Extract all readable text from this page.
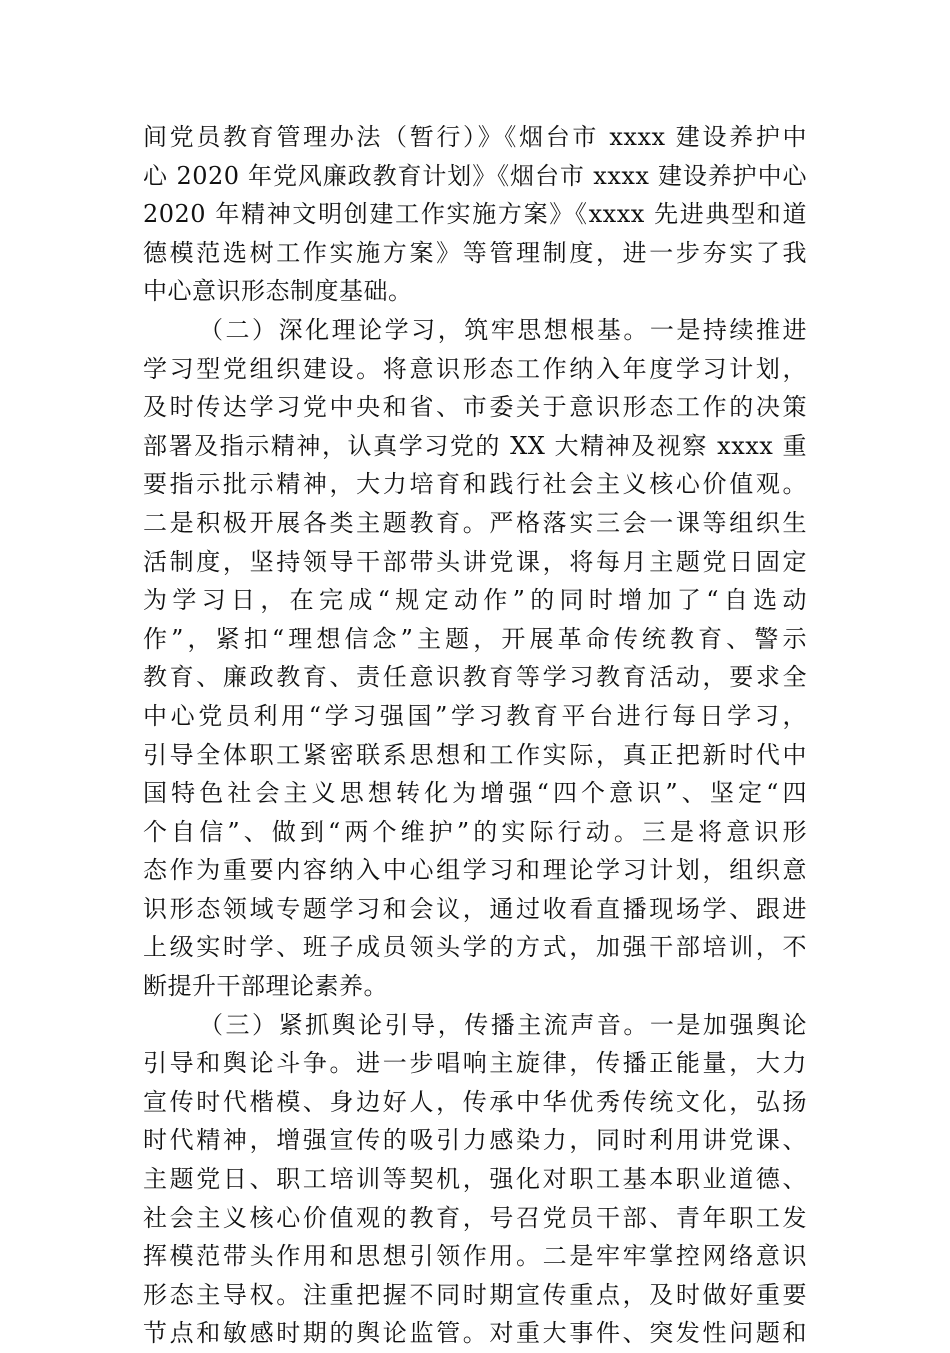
间党员教育管理办法（暂行）》《烟台市 xxxx 建设养护中
心 2020 年党风廉政教育计划》《烟台市 xxxx 建设养护中心
2020 年精神文明创建工作实施方案》《xxxx 先进典型和道
德模范选树工作实施方案》等管理制度，进一步夯实了我
中心意识形态制度基础。
（二）深化理论学习，筑牢思想根基。一是持续推进
学习型党组织建设。将意识形态工作纳入年度学习计划，
及时传达学习党中央和省、市委关于意识形态工作的决策
部署及指示精神，认真学习党的 XX 大精神及视察 xxxx 重
要指示批示精神，大力培育和践行社会主义核心价值观。
二是积极开展各类主题教育。严格落实三会一课等组织生
活制度，坚持领导干部带头讲党课，将每月主题党日固定
为学习日，在完成“规定动作”的同时增加了“自选动
作”，紧扣“理想信念”主题，开展革命传统教育、警示
教育、廉政教育、责任意识教育等学习教育活动，要求全
中心党员利用“学习强国”学习教育平台进行每日学习，
引导全体职工紧密联系思想和工作实际，真正把新时代中
国特色社会主义思想转化为增强“四个意识”、坚定“四
个自信”、做到“两个维护”的实际行动。三是将意识形
态作为重要内容纳入中心组学习和理论学习计划，组织意
识形态领域专题学习和会议，通过收看直播现场学、跟进
上级实时学、班子成员领头学的方式，加强干部培训，不
断提升干部理论素养。
（三）紧抓舆论引导，传播主流声音。一是加强舆论
引导和舆论斗争。进一步唱响主旋律，传播正能量，大力
宣传时代楷模、身边好人，传承中华优秀传统文化，弘扬
时代精神，增强宣传的吸引力感染力，同时利用讲党课、
主题党日、职工培训等契机，强化对职工基本职业道德、
社会主义核心价值观的教育，号召党员干部、青年职工发
挥模范带头作用和思想引领作用。二是牢牢掌控网络意识
形态主导权。注重把握不同时期宣传重点，及时做好重要
节点和敏感时期的舆论监管。对重大事件、突发性问题和
